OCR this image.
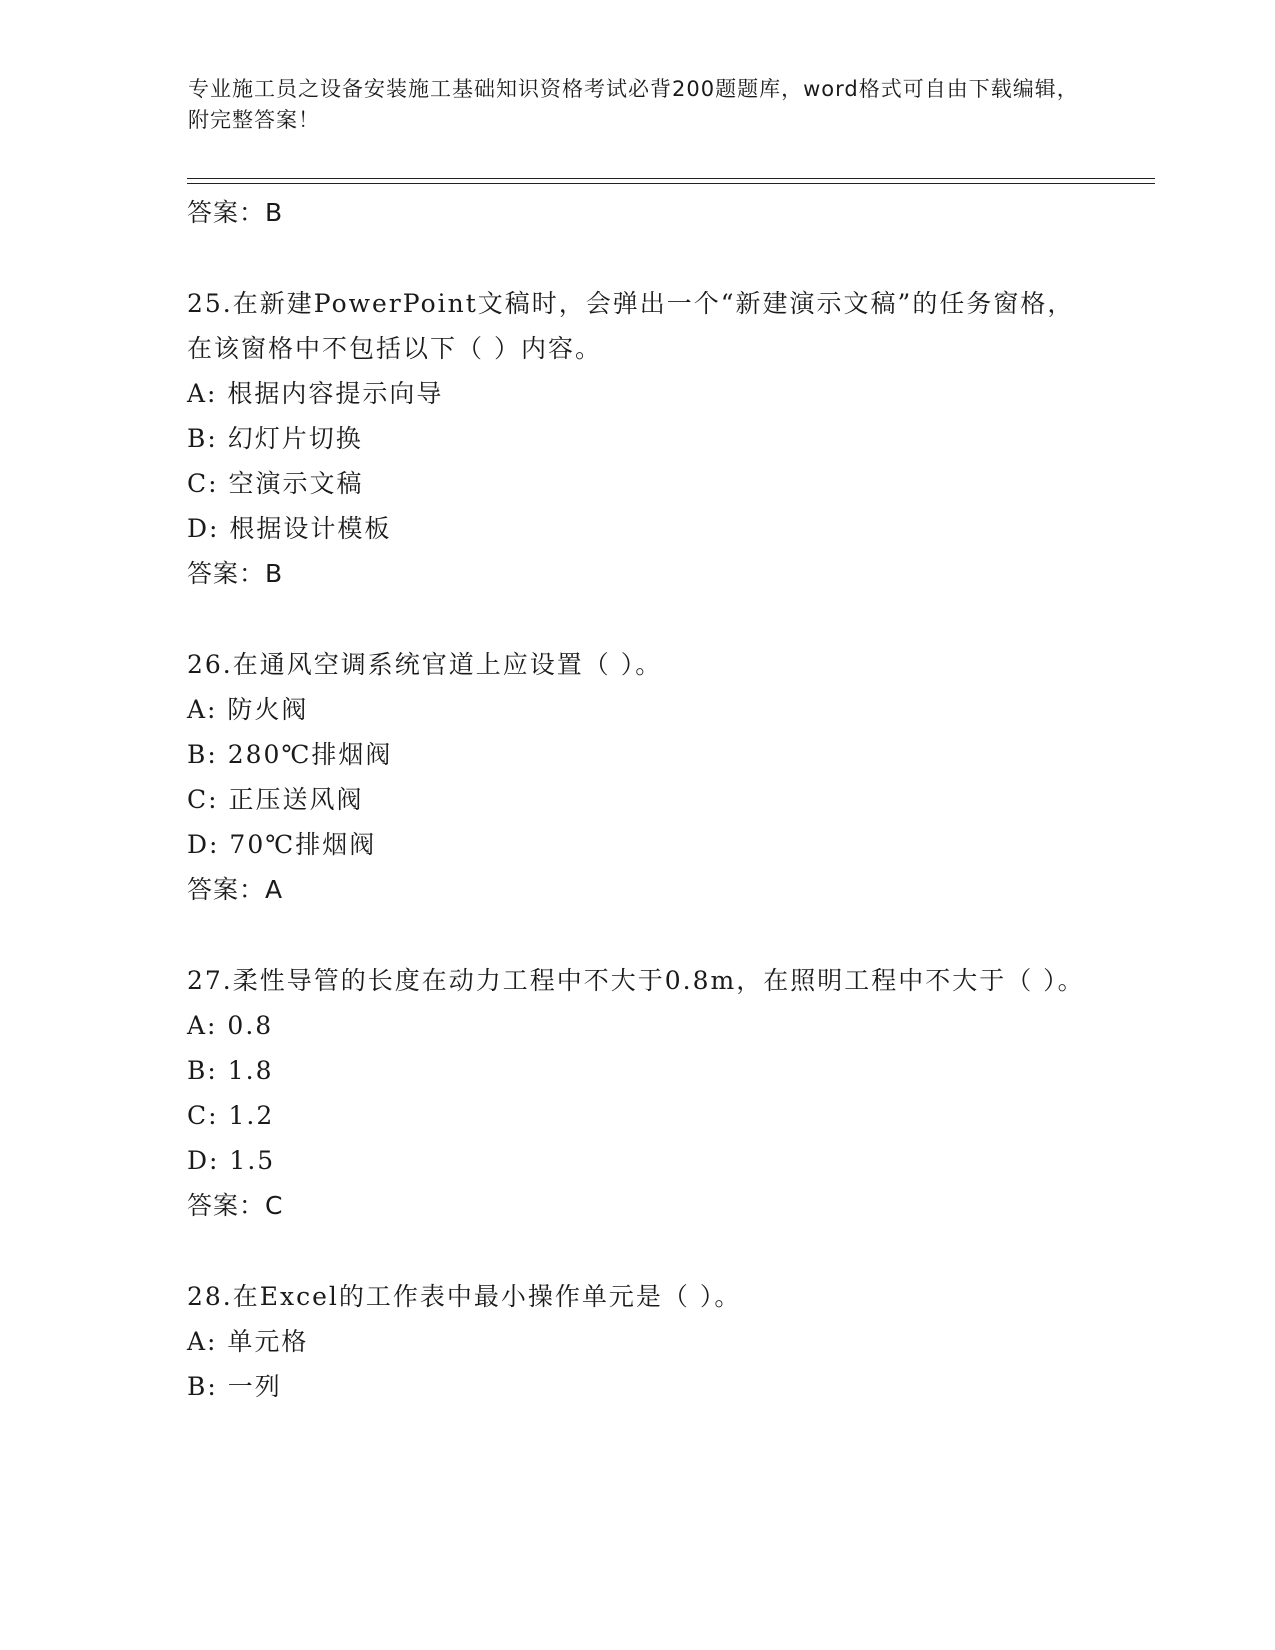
专业施工员之设备安装施工基础知识资格考试必背200题题库，word格式可自由下载编辑，附完整答案！
答案：B
25.在新建PowerPoint文稿时，会弹出一个“新建演示文稿”的任务窗格，在该窗格中不包括以下（ ）内容。
A: 根据内容提示向导
B: 幻灯片切换
C: 空演示文稿
D: 根据设计模板
答案：B
26.在通风空调系统官道上应设置（ ）。
A: 防火阀
B: 280℃排烟阀
C: 正压送风阀
D: 70℃排烟阀
答案：A
27.柔性导管的长度在动力工程中不大于0.8m，在照明工程中不大于（ ）。
A: 0.8
B: 1.8
C: 1.2
D: 1.5
答案：C
28.在Excel的工作表中最小操作单元是（ ）。
A: 单元格
B: 一列
